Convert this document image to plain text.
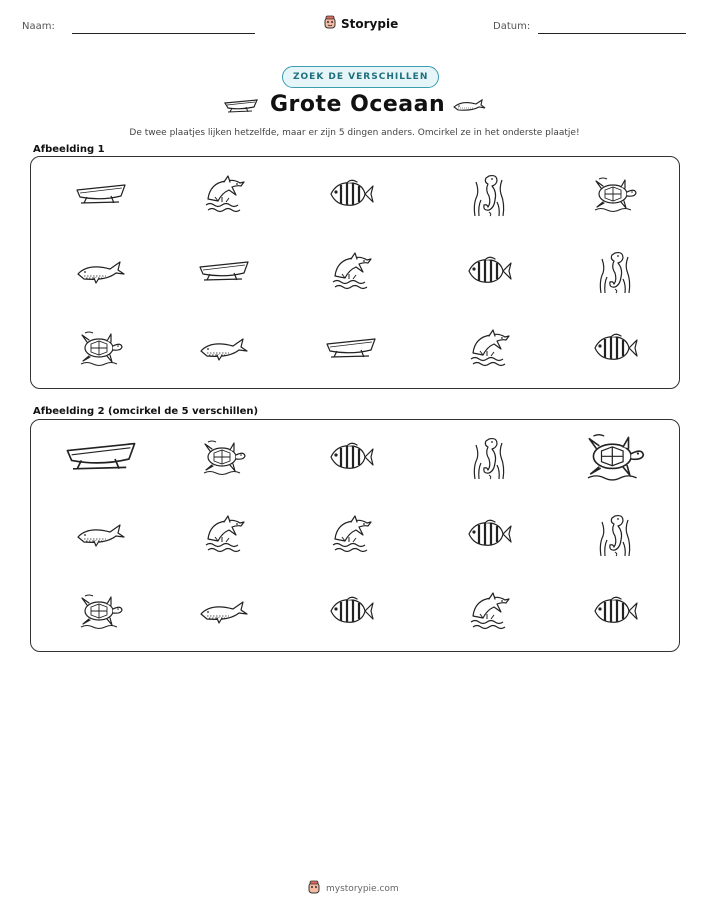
Naam:	Storypie	Datum:
ZOEK DE VERSCHILLEN
Grote Oceaan
De twee plaatjes lijken hetzelfde, maar er zijn 5 dingen anders. Omcirkel ze in het onderste plaatje!
Afbeelding 1
Afbeelding 2 (omcirkel de 5 verschillen)
mystorypie.com
